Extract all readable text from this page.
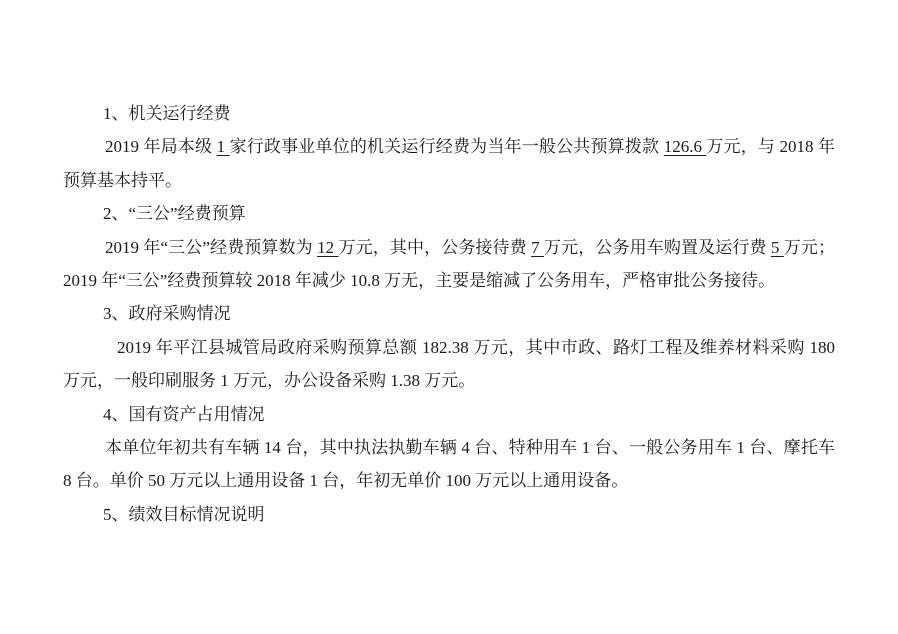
1、机关运行经费

2019 年局本级 1 家行政事业单位的机关运行经费为当年一般公共预算拨款 126.6 万元，与 2018 年预算基本持平。

2、“三公”经费预算

2019 年“三公”经费预算数为 12 万元，其中，公务接待费 7 万元，公务用车购置及运行费 5 万元；2019 年“三公”经费预算较 2018 年减少 10.8 万无，主要是缩减了公务用车，严格审批公务接待。

3、政府采购情况

2019 年平江县城管局政府采购预算总额 182.38 万元，其中市政、路灯工程及维养材料采购 180 万元，一般印刷服务 1 万元，办公设备采购 1.38 万元。

4、国有资产占用情况

本单位年初共有车辆 14 台，其中执法执勤车辆 4 台、特种用车 1 台、一般公务用车 1 台、摩托车 8 台。单价 50 万元以上通用设备 1 台，年初无单价 100 万元以上通用设备。

5、绩效目标情况说明
